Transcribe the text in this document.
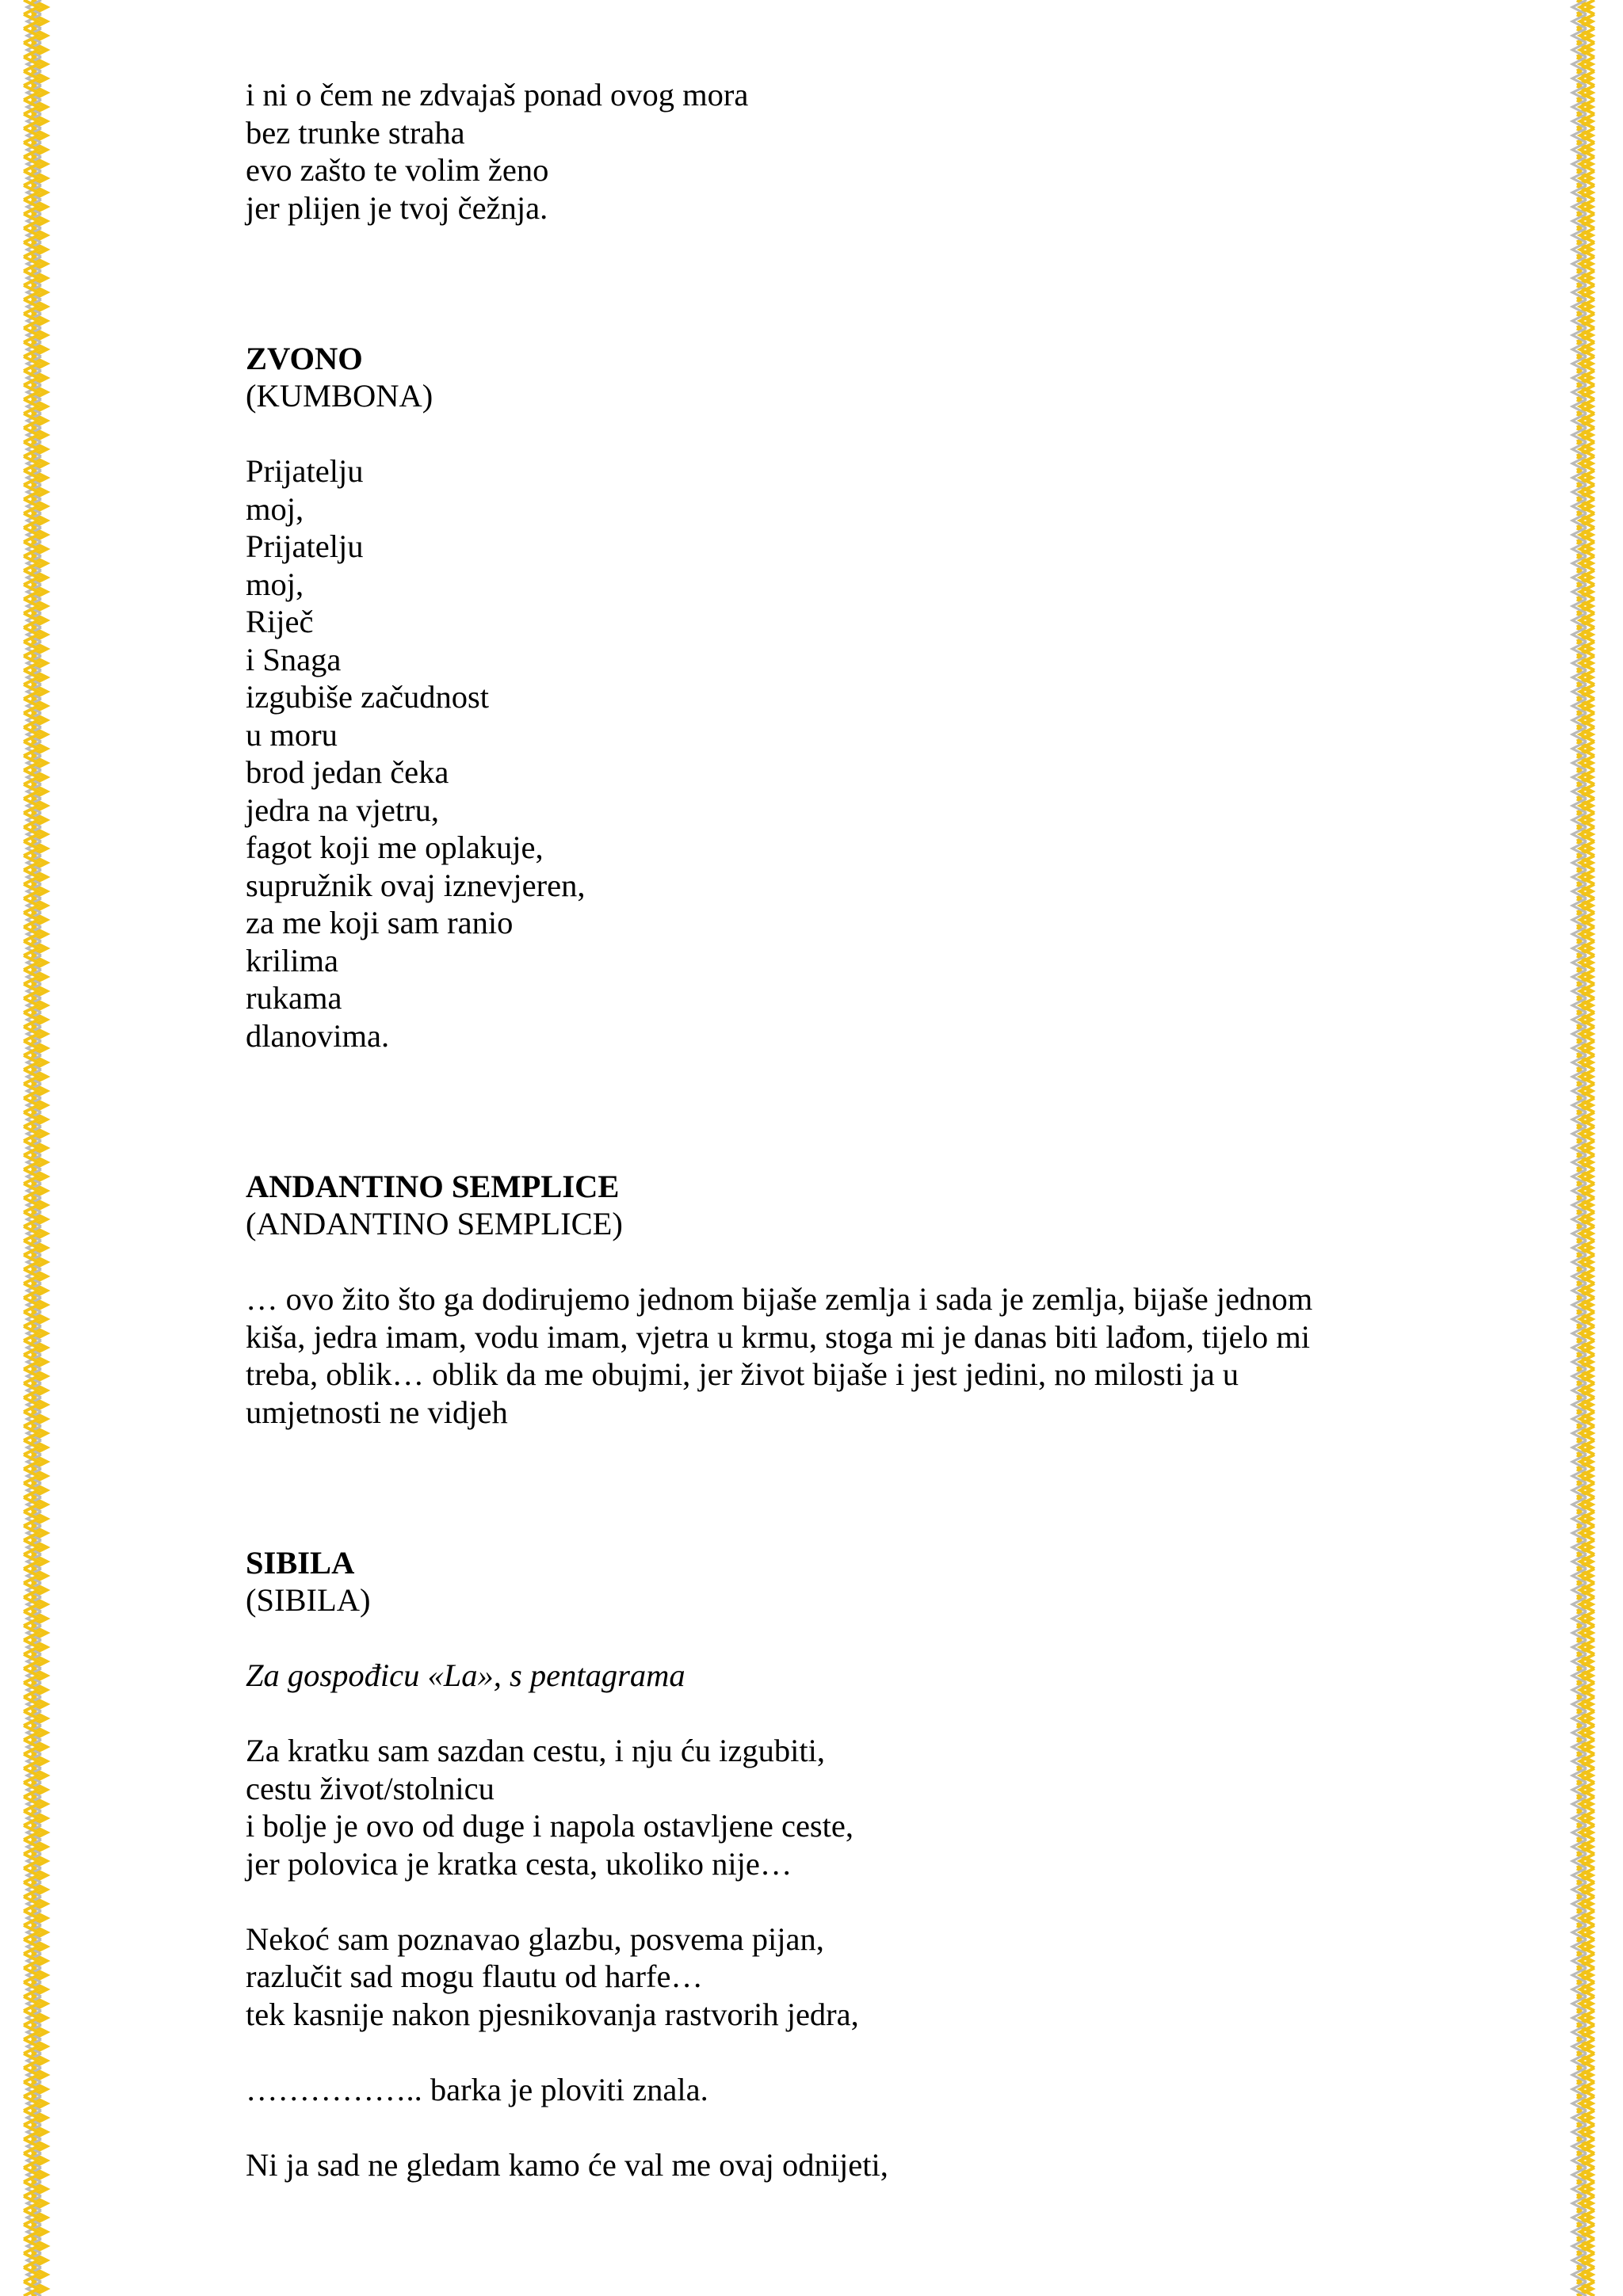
i ni o čem ne zdvajaš ponad ovog mora
bez trunke straha
evo zašto te volim ženo
jer plijen je tvoj čežnja.
ZVONO
(KUMBONA)
Prijatelju
moj,
Prijatelju
moj,
Riječ
i Snaga
izgubiše začudnost
u moru
brod jedan čeka
jedra na vjetru,
fagot koji me oplakuje,
supružnik ovaj iznevjeren,
za me koji sam ranio
krilima
rukama
dlanovima.
ANDANTINO SEMPLICE
(ANDANTINO SEMPLICE)
… ovo žito što ga dodirujemo jednom bijaše zemlja i sada je zemlja, bijaše jednom
kiša, jedra imam, vodu imam, vjetra u krmu, stoga mi je danas biti lađom, tijelo mi
treba, oblik… oblik da me obujmi, jer život bijaše i jest jedini, no milosti ja u
umjetnosti ne vidjeh
SIBILA
(SIBILA)
Za gospođicu «La», s pentagrama
Za kratku sam sazdan cestu, i nju ću izgubiti,
cestu život/stolnicu
i bolje je ovo od duge i napola ostavljene ceste,
jer polovica je kratka cesta, ukoliko nije…
Nekoć sam poznavao glazbu, posvema pijan,
razlučit sad mogu flautu od harfe…
tek kasnije nakon pjesnikovanja rastvorih jedra,
…………….. barka je ploviti znala.
Ni ja sad ne gledam kamo će val me ovaj odnijeti,
